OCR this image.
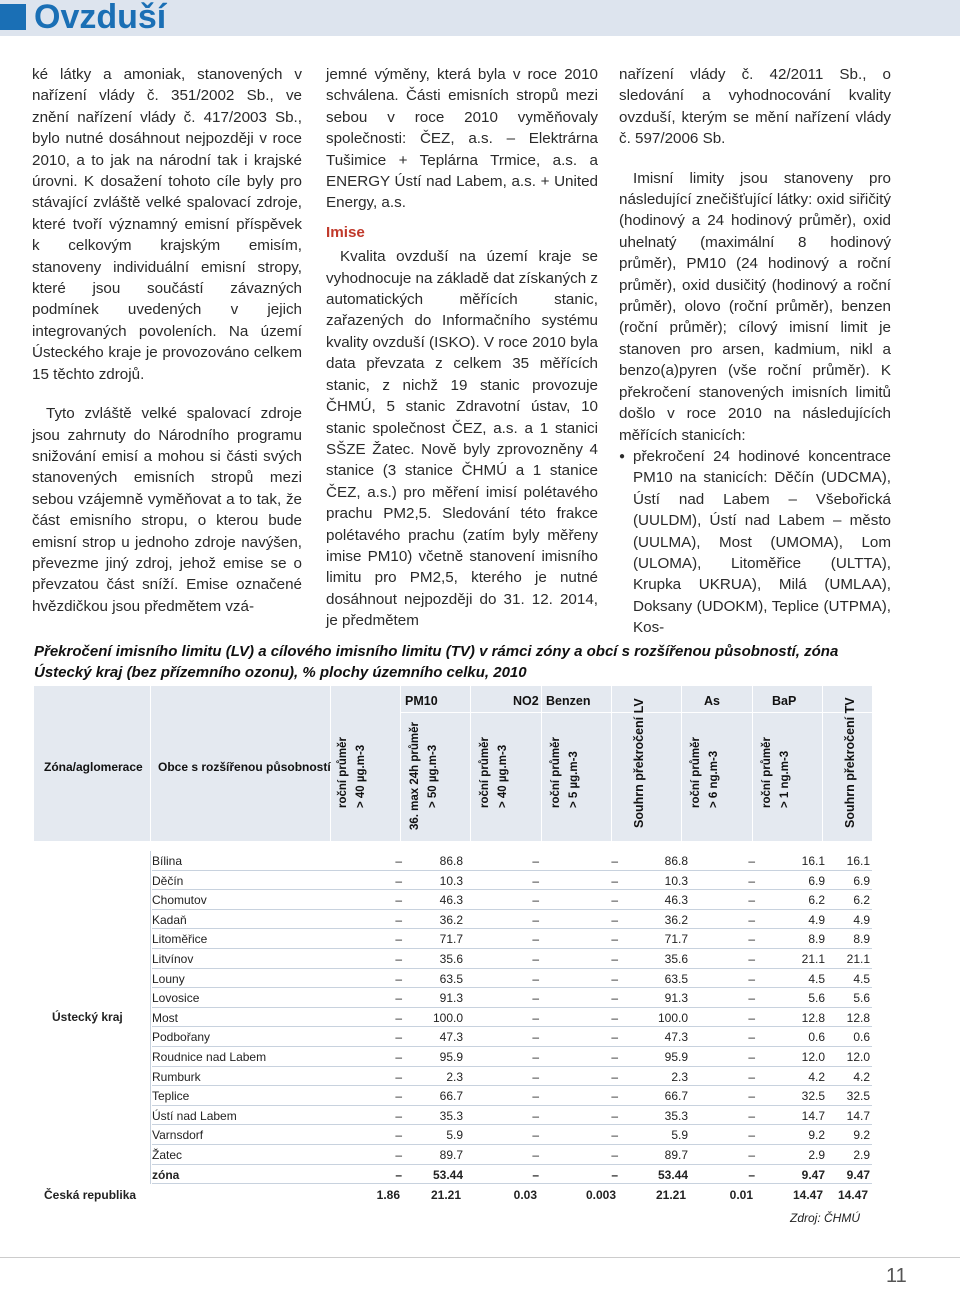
Ovzduší

ké látky a amoniak, stanovených v nařízení vlády č. 351/2002 Sb., ve znění nařízení vlády č. 417/2003 Sb., bylo nutné dosáhnout nejpozději v roce 2010, a to jak na národní tak i krajské úrovni. K dosažení tohoto cíle byly pro stávající zvláště velké spalovací zdroje, které tvoří významný emisní příspěvek k celkovým krajským emisím, stanoveny individuální emisní stropy, které jsou součástí závazných podmínek uvedených v jejich integrovaných povoleních. Na území Ústeckého kraje je provozováno celkem 15 těchto zdrojů.

Tyto zvláště velké spalovací zdroje jsou zahrnuty do Národního programu snižování emisí a mohou si části svých stanovených emisních stropů mezi sebou vzájemně vyměňovat a to tak, že část emisního stropu, o kterou bude emisní strop u jednoho zdroje navýšen, převezme jiný zdroj, jehož emise se o převzatou část sníží. Emise označené hvězdičkou jsou předmětem vzá-

jemné výměny, která byla v roce 2010 schválena. Části emisních stropů mezi sebou v roce 2010 vyměňovaly společnosti: ČEZ, a.s. – Elektrárna Tušimice + Teplárna Trmice, a.s. a ENERGY Ústí nad Labem, a.s. + United Energy, a.s.

Imise

Kvalita ovzduší na území kraje se vyhodnocuje na základě dat získaných z automatických měřících stanic, zařazených do Informačního systému kvality ovzduší (ISKO). V roce 2010 byla data převzata z celkem 35 měřících stanic, z nichž 19 stanic provozuje ČHMÚ, 5 stanic Zdravotní ústav, 10 stanic společnost ČEZ, a.s. a 1 stanici SŠZE Žatec. Nově byly zprovozněny 4 stanice (3 stanice ČHMÚ a 1 stanice ČEZ, a.s.) pro měření imisí polétavého prachu PM2,5. Sledování této frakce polétavého prachu (zatím byly měřeny imise PM10) včetně stanovení imisního limitu pro PM2,5, kterého je nutné dosáhnout nejpozději do 31. 12. 2014, je předmětem

nařízení vlády č. 42/2011 Sb., o sledování a vyhodnocování kvality ovzduší, kterým se mění nařízení vlády č. 597/2006 Sb.

Imisní limity jsou stanoveny pro následující znečišťující látky: oxid siřičitý (hodinový a 24 hodinový průměr), oxid uhelnatý (maximální 8 hodinový průměr), PM10 (24 hodinový a roční průměr), oxid dusičitý (hodinový a roční průměr), olovo (roční průměr), benzen (roční průměr); cílový imisní limit je stanoven pro arsen, kadmium, nikl a benzo(a)pyren (vše roční průměr). K překročení stanovených imisních limitů došlo v roce 2010 na následujících měřících stanicích:

● překročení 24 hodinové koncentrace PM10 na stanicích: Děčín (UDCMA), Ústí nad Labem – Všebořická (UULDM), Ústí nad Labem – město (UULMA), Most (UMOMA), Lom (ULOMA), Litoměřice (ULTTA), Krupka UKRUA), Milá (UMLAA), Doksany (UDOKM), Teplice (UTPMA), Kos-

Překročení imisního limitu (LV) a cílového imisního limitu (TV) v rámci zóny a obcí s rozšířenou působností, zóna Ústecký kraj (bez přízemního ozonu), % plochy územního celku, 2010
Zóna/aglomerace Obce s rozšířenou působností
PM10	NO2 Benzen	As	BaP
roční průměr > 40 µg.m-3	36. max 24h průměr > 50 µg.m-3	roční průměr > 40 µg.m-3	roční průměr > 5 µg.m-3	Souhrn překročení LV	roční průměr > 6 ng.m-3	roční průměr > 1 ng.m-3	Souhrn překročení TV
Ústecký kraj
Bílina	–	86.8	–	–	86.8	–	16.1 16.1
Děčín	–	10.3	–	–	10.3	–	6.9 6.9
Chomutov	–	46.3	–	–	46.3	–	6.2 6.2
Kadaň	–	36.2	–	–	36.2	–	4.9 4.9
Litoměřice	–	71.7	–	–	71.7	–	8.9 8.9
Litvínov	–	35.6	–	–	35.6	–	21.1 21.1
Louny	–	63.5	–	–	63.5	–	4.5 4.5
Lovosice	–	91.3	–	–	91.3	–	5.6 5.6
Most	–	100.0	–	–	100.0	–	12.8 12.8
Podbořany	–	47.3	–	–	47.3	–	0.6 0.6
Roudnice nad Labem	–	95.9	–	–	95.9	–	12.0 12.0
Rumburk	–	2.3	–	–	2.3	–	4.2 4.2
Teplice	–	66.7	–	–	66.7	–	32.5 32.5
Ústí nad Labem	–	35.3	–	–	35.3	–	14.7 14.7
Varnsdorf	–	5.9	–	–	5.9	–	9.2 9.2
Žatec	–	89.7	–	–	89.7	–	2.9 2.9
zóna	–	53.44	–	–	53.44	–	9.47 9.47
Česká republika	1.86	21.21	0.03	0.003	21.21	0.01	14.47 14.47
Zdroj: ČHMÚ
11
